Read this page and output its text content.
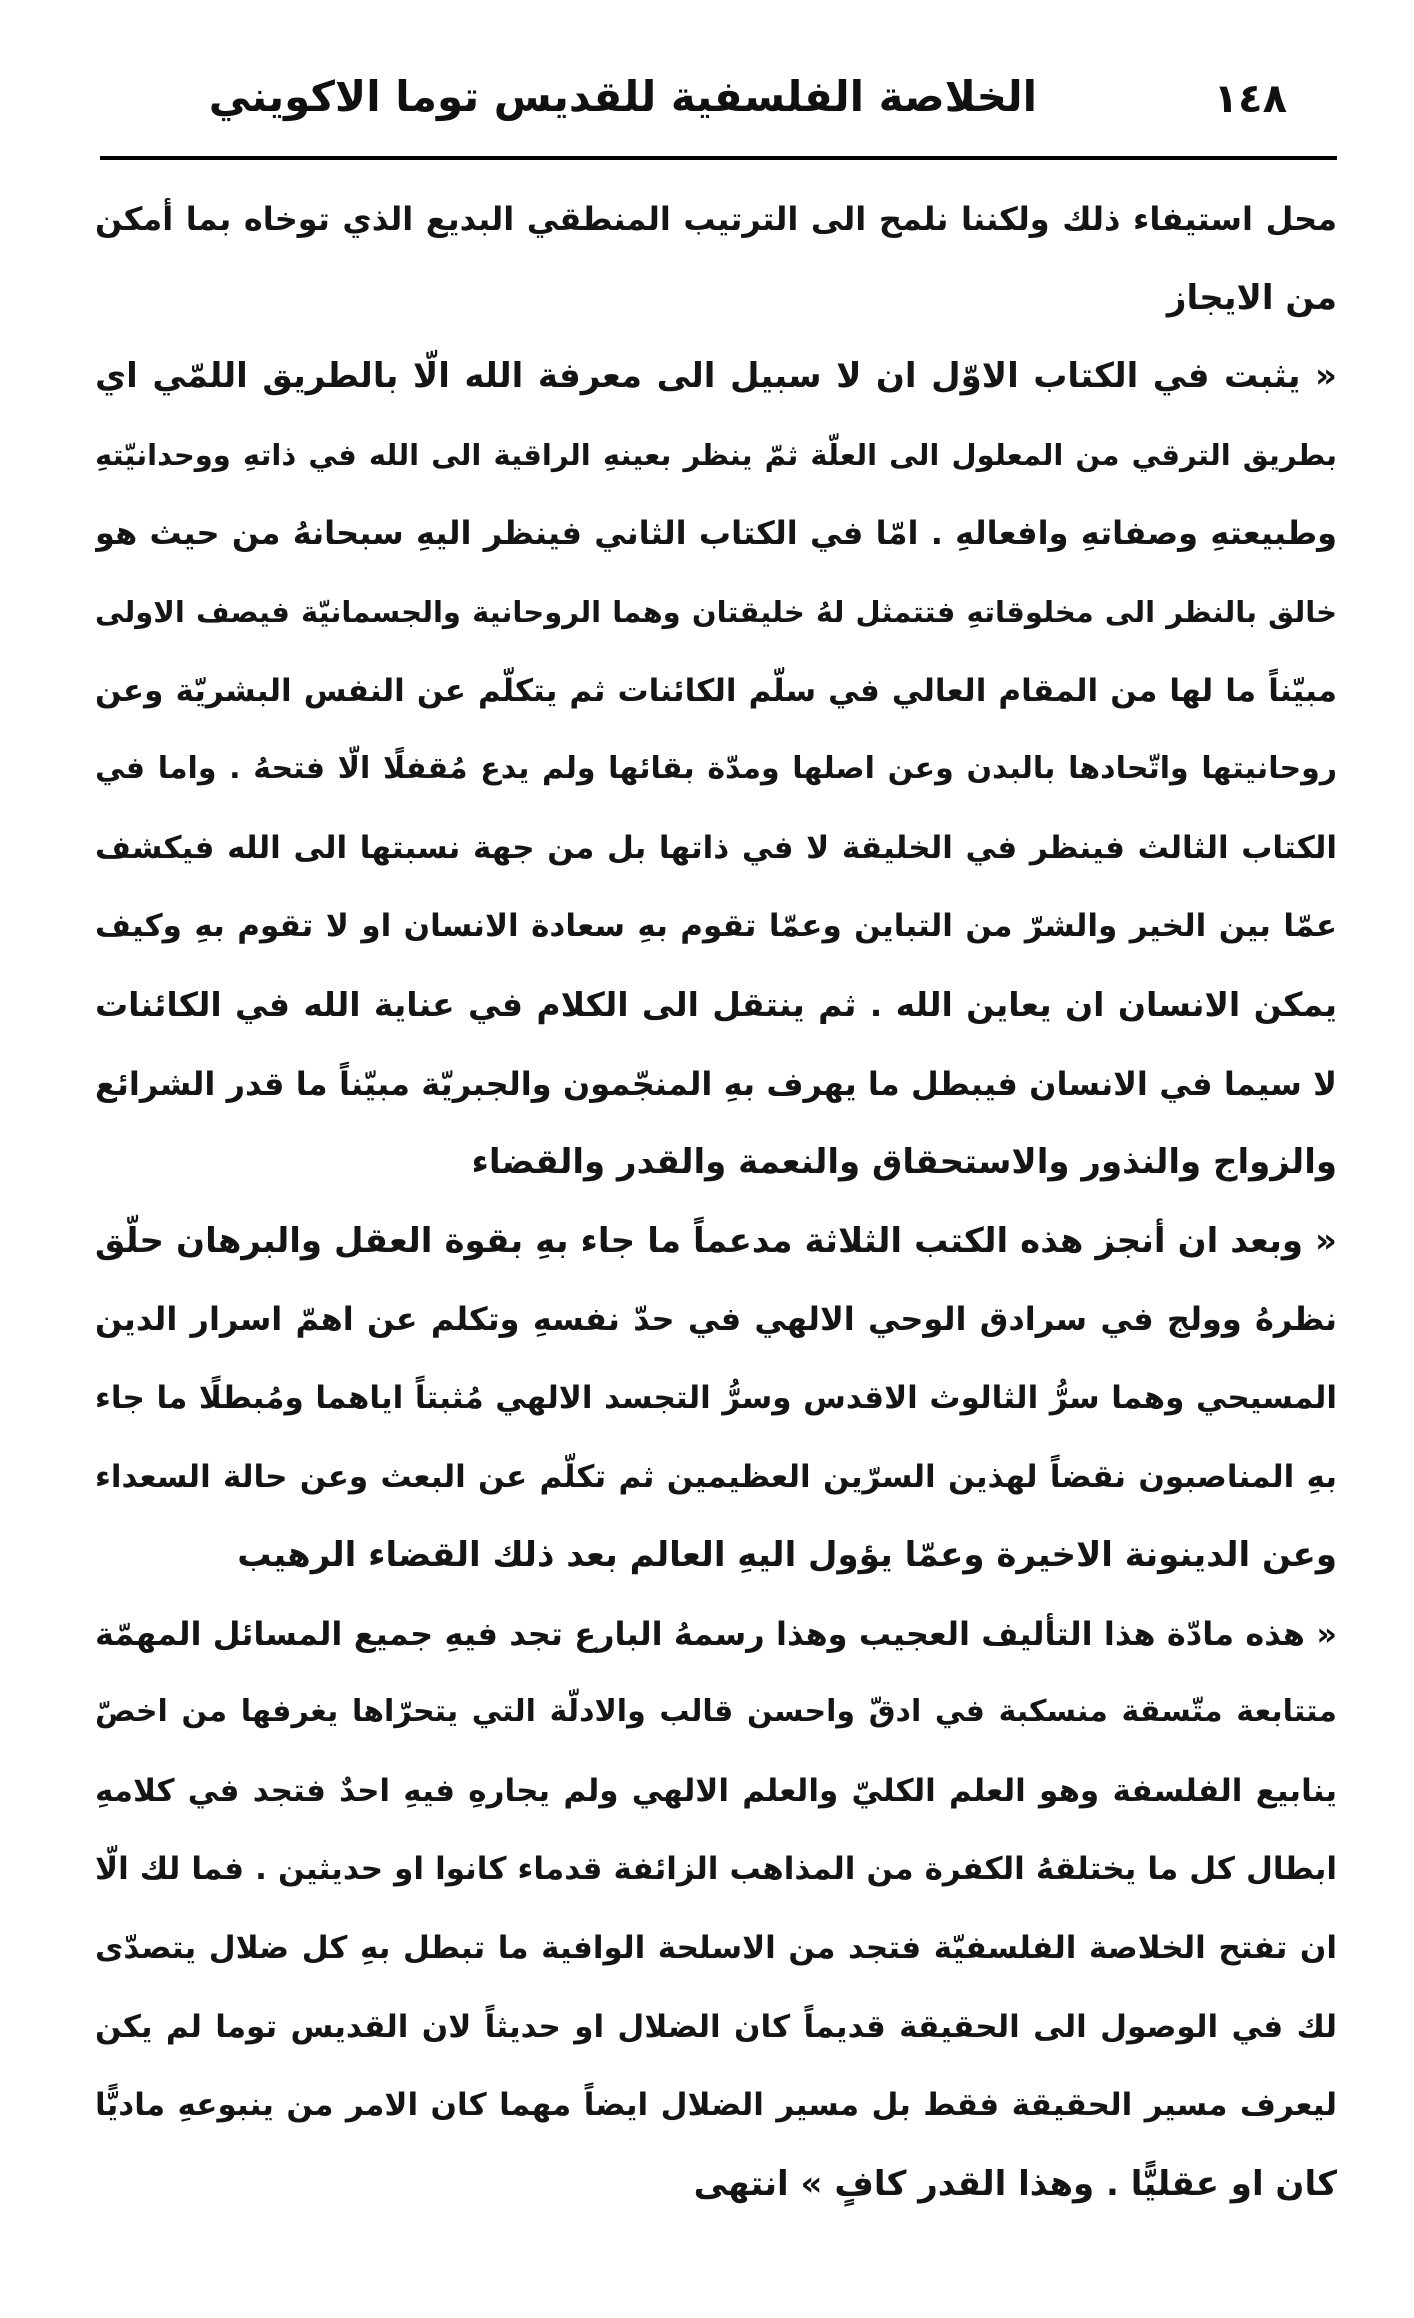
١٤٨
الخلاصة الفلسفية للقديس توما الاكويني
محل استيفاء ذلك ولكننا نلمح الى الترتيب المنطقي البديع الذي توخاه بما أمكن
من الايجاز
« يثبت في الكتاب الاوّل ان لا سبيل الى معرفة الله الّا بالطريق اللمّي اي
بطريق الترقي من المعلول الى العلّة ثمّ ينظر بعينهِ الراقية الى الله في ذاتهِ ووحدانيّتهِ
وطبيعتهِ وصفاتهِ وافعالهِ . امّا في الكتاب الثاني فينظر اليهِ سبحانهُ من حيث هو
خالق بالنظر الى مخلوقاتهِ فتتمثل لهُ خليقتان وهما الروحانية والجسمانيّة فيصف الاولى
مبيّناً ما لها من المقام العالي في سلّم الكائنات ثم يتكلّم عن النفس البشريّة وعن
روحانيتها واتّحادها بالبدن وعن اصلها ومدّة بقائها ولم يدع مُقفلًا الّا فتحهُ . واما في
الكتاب الثالث فينظر في الخليقة لا في ذاتها بل من جهة نسبتها الى الله فيكشف
عمّا بين الخير والشرّ من التباين وعمّا تقوم بهِ سعادة الانسان او لا تقوم بهِ وكيف
يمكن الانسان ان يعاين الله . ثم ينتقل الى الكلام في عناية الله في الكائنات
لا سيما في الانسان فيبطل ما يهرف بهِ المنجّمون والجبريّة مبيّناً ما قدر الشرائع
والزواج والنذور والاستحقاق والنعمة والقدر والقضاء
« وبعد ان أنجز هذه الكتب الثلاثة مدعماً ما جاء بهِ بقوة العقل والبرهان حلّق
نظرهُ وولج في سرادق الوحي الالهي في حدّ نفسهِ وتكلم عن اهمّ اسرار الدين
المسيحي وهما سرُّ الثالوث الاقدس وسرُّ التجسد الالهي مُثبتاً اياهما ومُبطلًا ما جاء
بهِ المناصبون نقضاً لهذين السرّين العظيمين ثم تكلّم عن البعث وعن حالة السعداء
وعن الدينونة الاخيرة وعمّا يؤول اليهِ العالم بعد ذلك القضاء الرهيب
« هذه مادّة هذا التأليف العجيب وهذا رسمهُ البارع تجد فيهِ جميع المسائل المهمّة
متتابعة متّسقة منسكبة في ادقّ واحسن قالب والادلّة التي يتحرّاها يغرفها من اخصّ
ينابيع الفلسفة وهو العلم الكليّ والعلم الالهي ولم يجارهِ فيهِ احدٌ فتجد في كلامهِ
ابطال كل ما يختلقهُ الكفرة من المذاهب الزائفة قدماء كانوا او حديثين . فما لك الّا
ان تفتح الخلاصة الفلسفيّة فتجد من الاسلحة الوافية ما تبطل بهِ كل ضلال يتصدّى
لك في الوصول الى الحقيقة قديماً كان الضلال او حديثاً لان القديس توما لم يكن
ليعرف مسير الحقيقة فقط بل مسير الضلال ايضاً مهما كان الامر من ينبوعهِ ماديًّا
كان او عقليًّا . وهذا القدر كافٍ » انتهى
